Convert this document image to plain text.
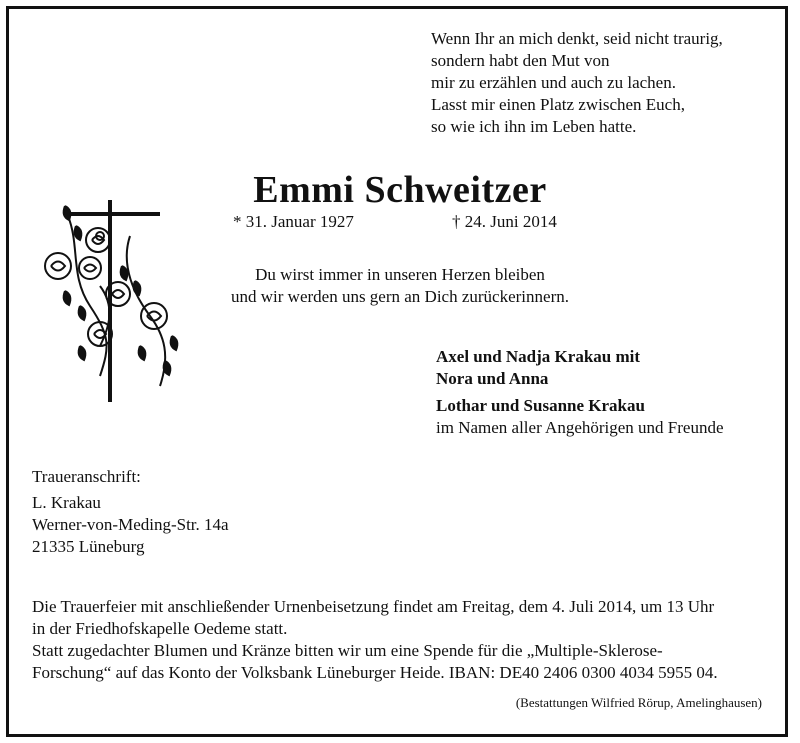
Wenn Ihr an mich denkt, seid nicht traurig,
sondern habt den Mut von
mir zu erzählen und auch zu lachen.
Lasst mir einen Platz zwischen Euch,
so wie ich ihn im Leben hatte.
Emmi Schweitzer
* 31. Januar 1927	† 24. Juni 2014
Du wirst immer in unseren Herzen bleiben
und wir werden uns gern an Dich zurückerinnern.
Axel und Nadja Krakau mit
Nora und Anna
Lothar und Susanne Krakau
im Namen aller Angehörigen und Freunde
Traueranschrift:
L. Krakau
Werner-von-Meding-Str. 14a
21335 Lüneburg
Die Trauerfeier mit anschließender Urnenbeisetzung findet am Freitag, dem 4. Juli 2014, um 13 Uhr
in der Friedhofskapelle Oedeme statt.
Statt zugedachter Blumen und Kränze bitten wir um eine Spende für die „Multiple-Sklerose-
Forschung“ auf das Konto der Volksbank Lüneburger Heide. IBAN: DE40 2406 0300 4034 5955 04.
(Bestattungen Wilfried Rörup, Amelinghausen)
